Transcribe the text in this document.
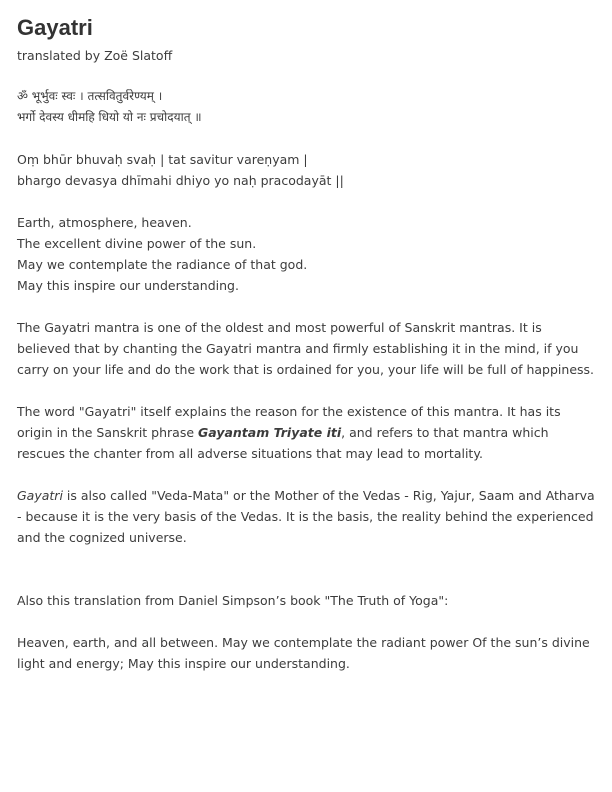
Gayatri
translated by Zoë Slatoff
ॐ भूर्भुवः स्वः । तत्सवितुर्वरेण्यम् ।
भर्गो देवस्य धीमहि धियो यो नः प्रचोदयात् ॥
Oṃ bhūr bhuvaḥ svaḥ | tat savitur vareṇyam |
bhargo devasya dhīmahi dhiyo yo naḥ pracodayāt ||
Earth, atmosphere, heaven.
The excellent divine power of the sun.
May we contemplate the radiance of that god.
May this inspire our understanding.

The Gayatri mantra is one of the oldest and most powerful of Sanskrit mantras. It is believed that by chanting the Gayatri mantra and firmly establishing it in the mind, if you carry on your life and do the work that is ordained for you, your life will be full of happiness.

The word "Gayatri" itself explains the reason for the existence of this mantra. It has its origin in the Sanskrit phrase Gayantam Triyate iti, and refers to that mantra which rescues the chanter from all adverse situations that may lead to mortality.

Gayatri is also called "Veda-Mata" or the Mother of the Vedas - Rig, Yajur, Saam and Atharva - because it is the very basis of the Vedas. It is the basis, the reality behind the experienced and the cognized universe.

Also this translation from Daniel Simpson’s book "The Truth of Yoga":

Heaven, earth, and all between. May we contemplate the radiant power Of the sun’s divine light and energy; May this inspire our understanding.
